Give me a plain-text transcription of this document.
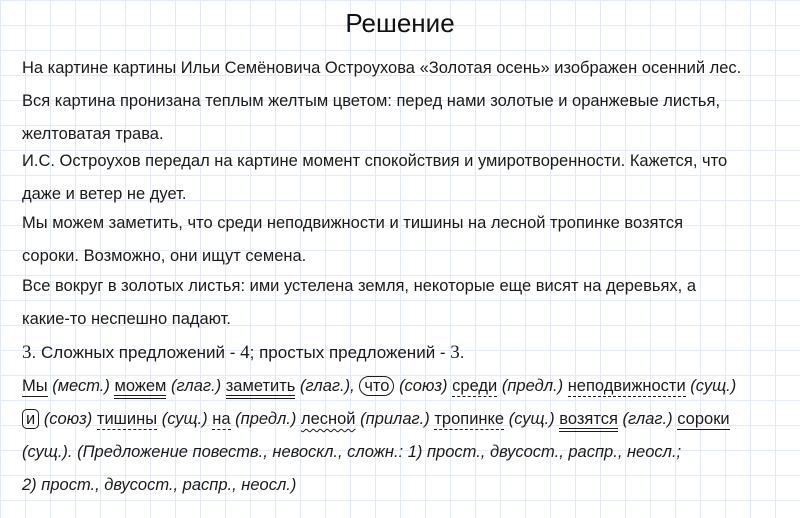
Решение
На картине картины Ильи Семёновича Остроухова «Золотая осень» изображен осенний лес.
Вся картина пронизана теплым желтым цветом: перед нами золотые и оранжевые листья,
желтоватая трава.
И.С. Остроухов передал на картине момент спокойствия и умиротворенности. Кажется, что
даже и ветер не дует.
Мы можем заметить, что среди неподвижности и тишины на лесной тропинке возятся
сороки. Возможно, они ищут семена.
Все вокруг в золотых листья: ими устелена земля, некоторые еще висят на деревьях, а
какие-то неспешно падают.
3. Сложных предложений - 4; простых предложений - 3.
Мы (мест.) можем (глаг.) заметить (глаг.), что (союз) среди (предл.) неподвижности (сущ.)
и (союз) тишины (сущ.) на (предл.) лесной (прилаг.) тропинке (сущ.) возятся (глаг.) сороки
(сущ.). (Предложение повеств., невоскл., сложн.: 1) прост., двусост., распр., неосл.;
2) прост., двусост., распр., неосл.)
